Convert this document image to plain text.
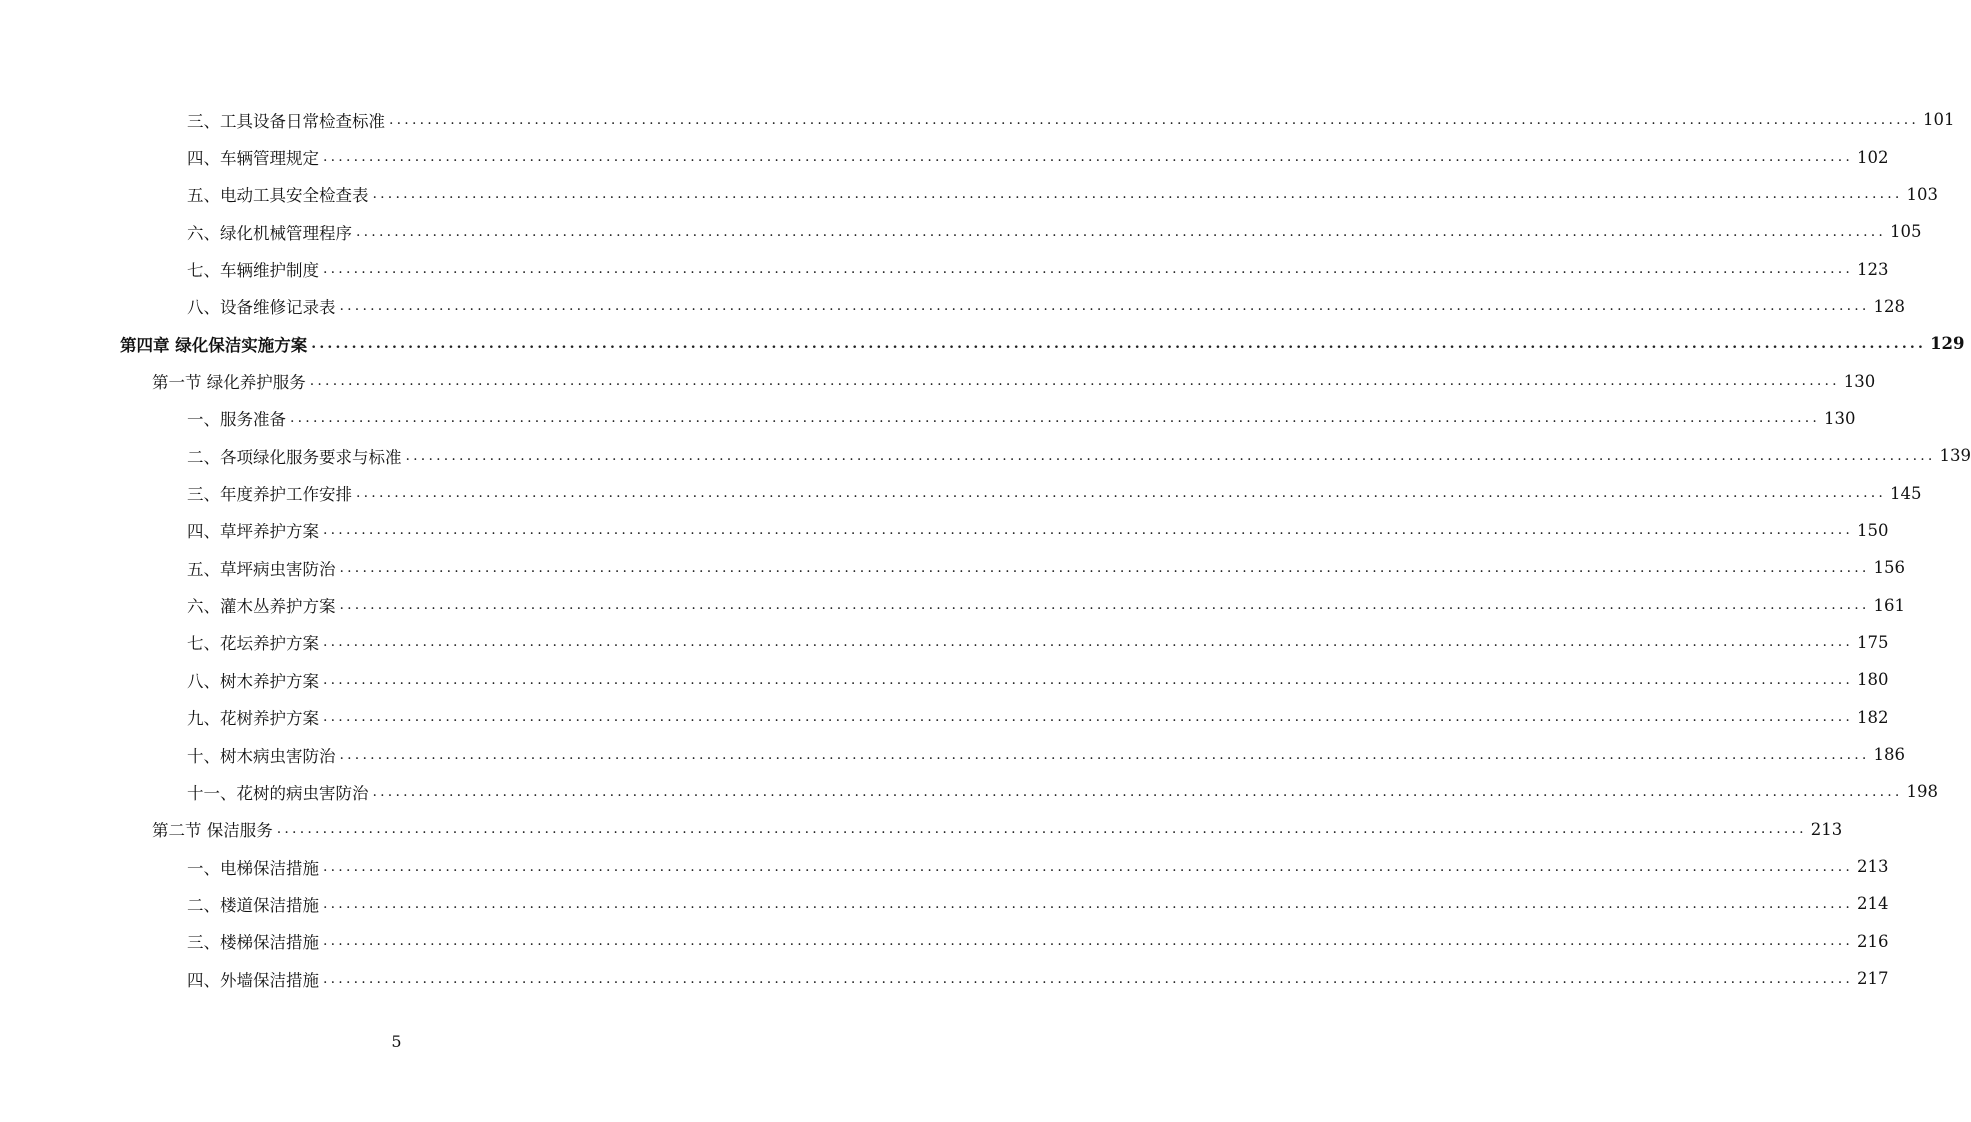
三、工具设备日常检查标准 ........................................................................................................................................................................................................ 101
四、车辆管理规定 ........................................................................................................................................................................................................ 102
五、电动工具安全检查表 ........................................................................................................................................................................................................ 103
六、绿化机械管理程序 ........................................................................................................................................................................................................ 105
七、车辆维护制度 ........................................................................................................................................................................................................ 123
八、设备维修记录表 ........................................................................................................................................................................................................ 128
第四章 绿化保洁实施方案 ........................................................................................................................................................................................................ 129
第一节 绿化养护服务 ........................................................................................................................................................................................................ 130
一、服务准备 ........................................................................................................................................................................................................ 130
二、各项绿化服务要求与标准 ........................................................................................................................................................................................................ 139
三、年度养护工作安排 ........................................................................................................................................................................................................ 145
四、草坪养护方案 ........................................................................................................................................................................................................ 150
五、草坪病虫害防治 ........................................................................................................................................................................................................ 156
六、灌木丛养护方案 ........................................................................................................................................................................................................ 161
七、花坛养护方案 ........................................................................................................................................................................................................ 175
八、树木养护方案 ........................................................................................................................................................................................................ 180
九、花树养护方案 ........................................................................................................................................................................................................ 182
十、树木病虫害防治 ........................................................................................................................................................................................................ 186
十一、花树的病虫害防治 ........................................................................................................................................................................................................ 198
第二节 保洁服务 ........................................................................................................................................................................................................ 213
一、电梯保洁措施 ........................................................................................................................................................................................................ 213
二、楼道保洁措施 ........................................................................................................................................................................................................ 214
三、楼梯保洁措施 ........................................................................................................................................................................................................ 216
四、外墙保洁措施 ........................................................................................................................................................................................................ 217
5
